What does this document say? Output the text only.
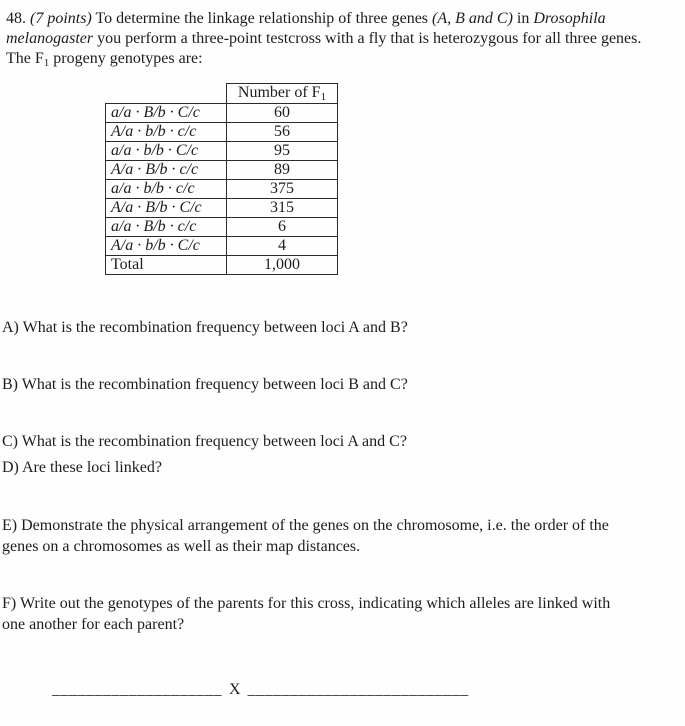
48. (7 points) To determine the linkage relationship of three genes (A, B and C) in Drosophila
melanogaster you perform a three-point testcross with a fly that is heterozygous for all three genes.
The F1 progeny genotypes are:
	Number of F1
a/a · B/b · C/c	60
A/a · b/b · c/c	56
a/a · b/b · C/c	95
A/a · B/b · c/c	89
a/a · b/b · c/c	375
A/a · B/b · C/c	315
a/a · B/b · c/c	6
A/a · b/b · C/c	4
Total	1,000
A) What is the recombination frequency between loci A and B?
B) What is the recombination frequency between loci B and C?
C) What is the recombination frequency between loci A and C?
D) Are these loci linked?
E) Demonstrate the physical arrangement of the genes on the chromosome, i.e. the order of the
genes on a chromosomes as well as their map distances.
F) Write out the genotypes of the parents for this cross, indicating which alleles are linked with
one another for each parent?
____________________ X __________________________
